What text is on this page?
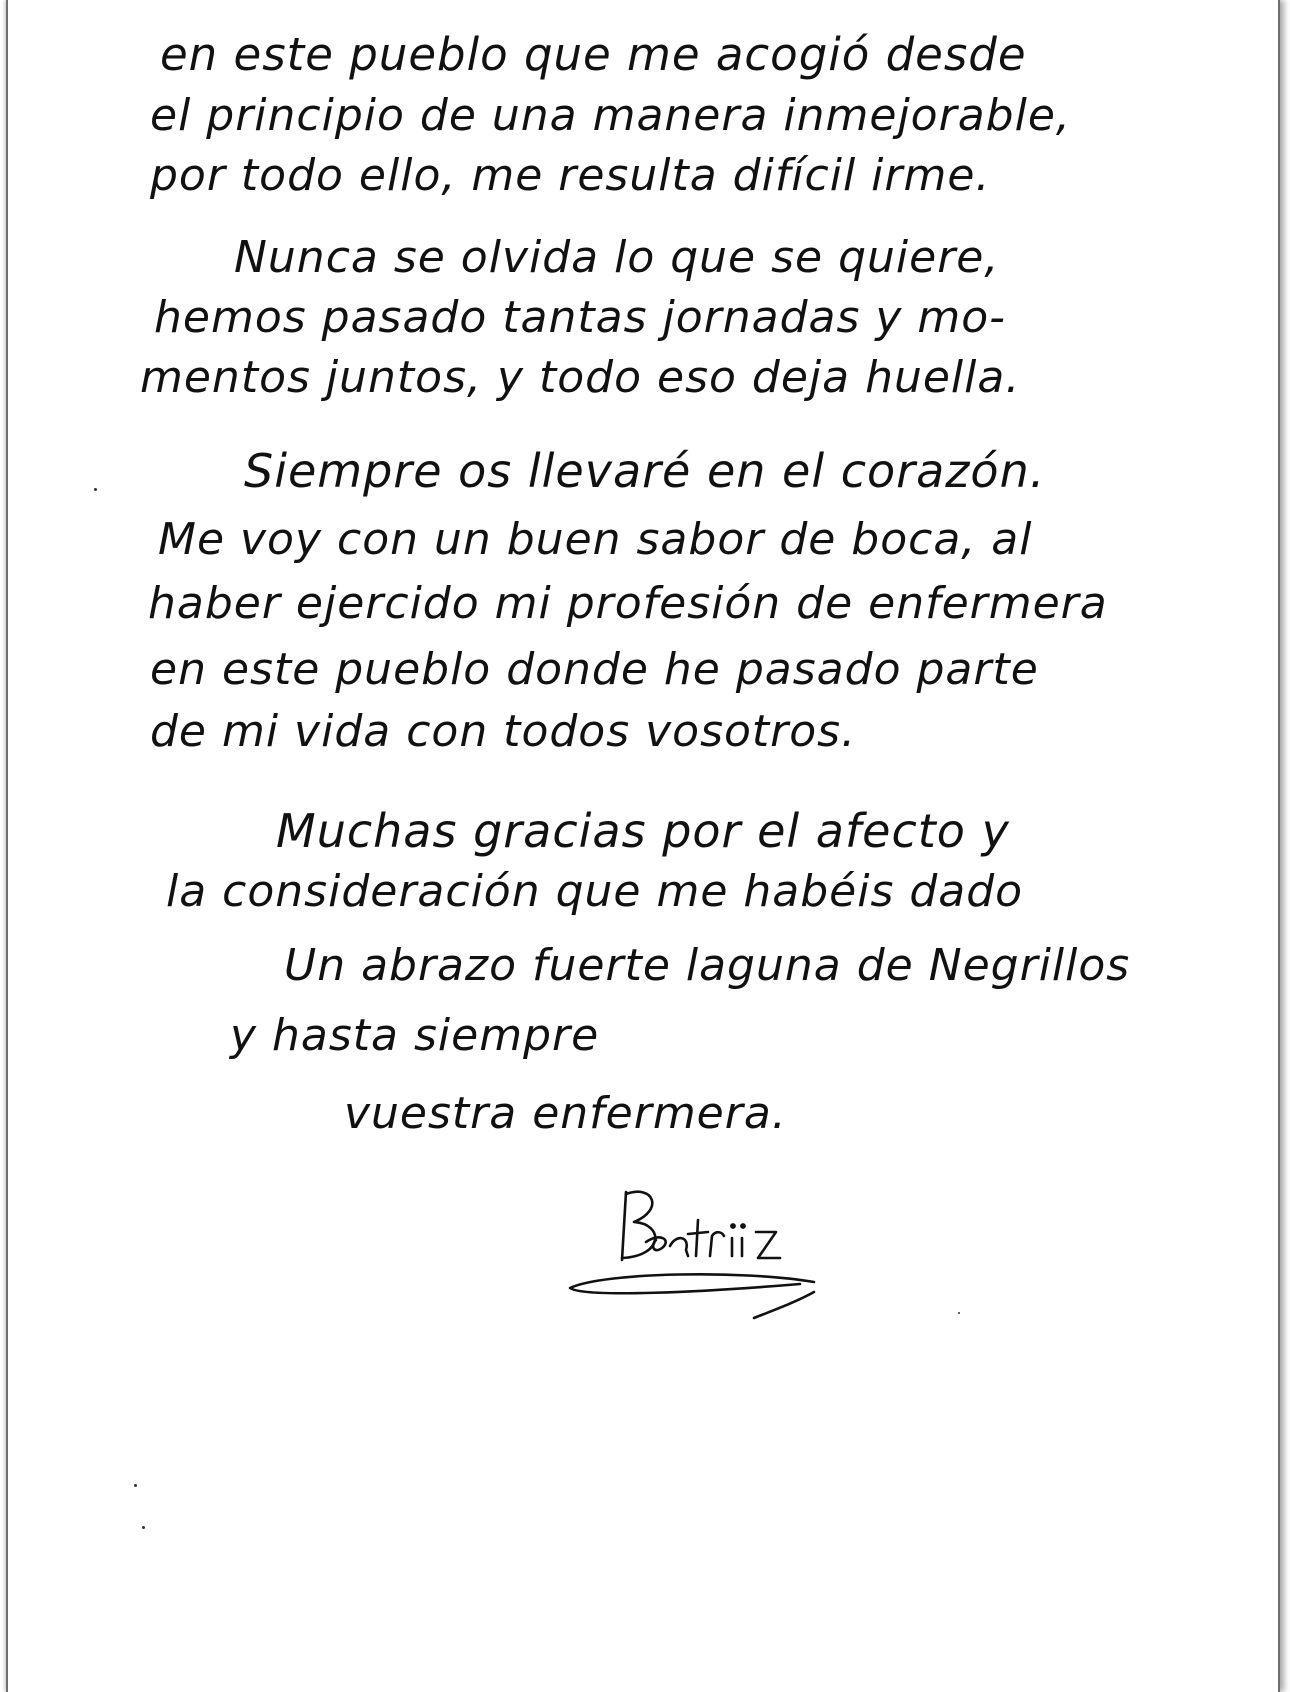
en este pueblo que me acogió desde
el principio de una manera inmejorable,
por todo ello, me resulta difícil irme.
Nunca se olvida lo que se quiere,
hemos pasado tantas jornadas y mo-
mentos juntos, y todo eso deja huella.
Siempre os llevaré en el corazón.
Me voy con un buen sabor de boca, al
haber ejercido mi profesión de enfermera
en este pueblo donde he pasado parte
de mi vida con todos vosotros.
Muchas gracias por el afecto y
la consideración que me habéis dado
Un abrazo fuerte lagunа de Negrillos
y hasta siempre
vuestra enfermera.
